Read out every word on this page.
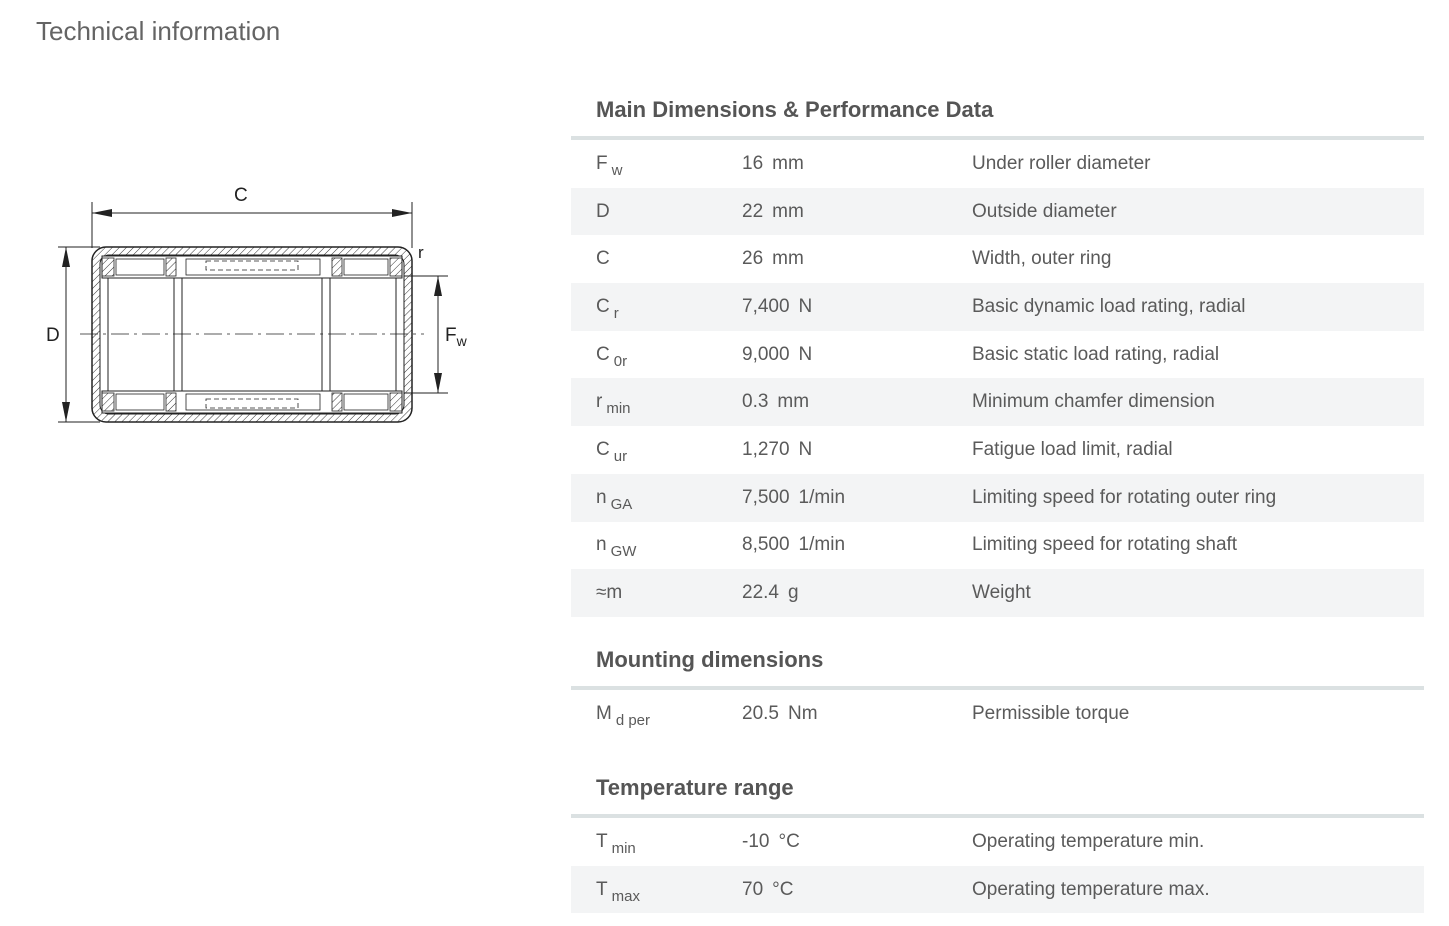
Technical information
C
D	$F_w$
r
Main Dimensions & Performance Data
F $_w$	16 mm	Under roller diameter
D	22 mm	Outside diameter
C	26 mm	Width, outer ring
C $_r$	7,400 N	Basic dynamic load rating, radial
C $_{0r}$	9,000 N	Basic static load rating, radial
r $_{min}$	0.3 mm	Minimum chamfer dimension
C $_{ur}$	1,270 N	Fatigue load limit, radial
n $_{GA}$	7,500 1/min	Limiting speed for rotating outer ring
n $_{GW}$	8,500 1/min	Limiting speed for rotating shaft
≈m	22.4 g	Weight
Mounting dimensions
M $_{d per}$	20.5 Nm	Permissible torque
Temperature range
T $_{min}$	-10 °C	Operating temperature min.
T $_{max}$	70 °C	Operating temperature max.
